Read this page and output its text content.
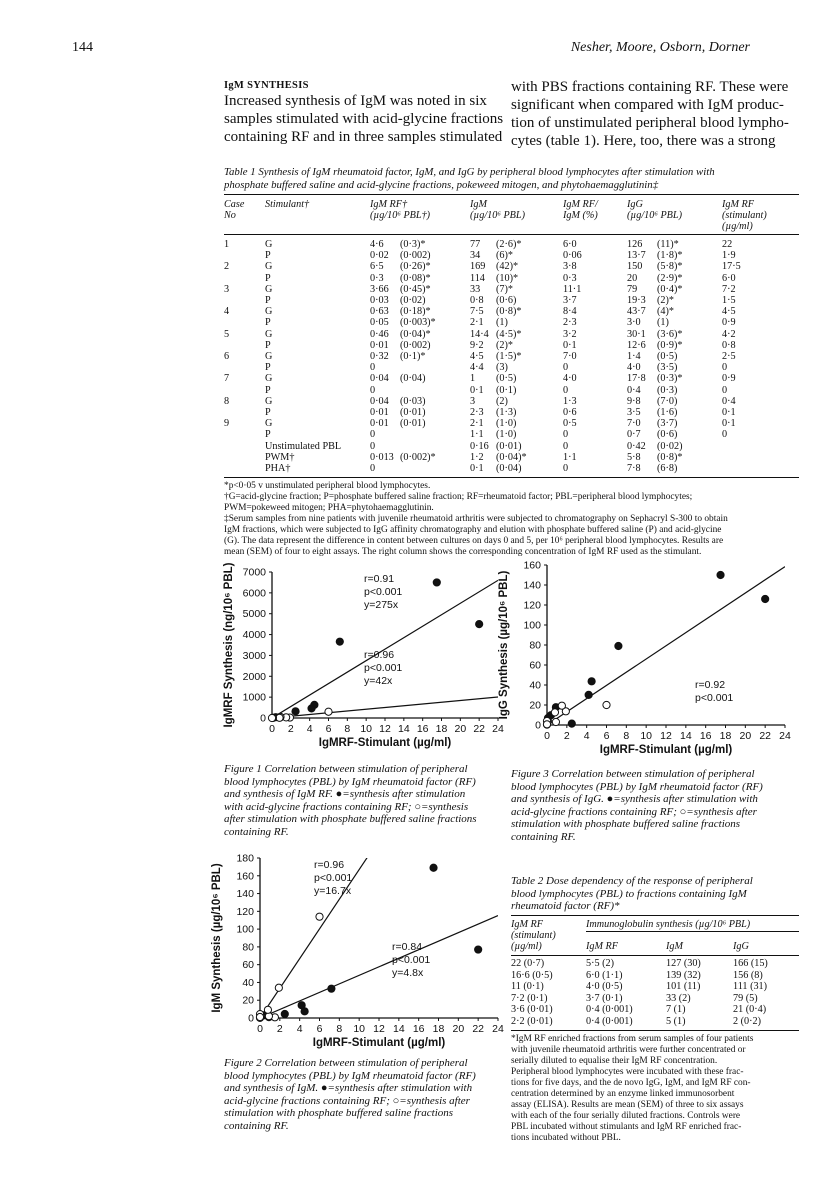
144	Nesher, Moore, Osborn, Dorner
IgM SYNTHESIS
Increased synthesis of IgM was noted in six
samples stimulated with acid-glycine fractions
containing RF and in three samples stimulated
with PBS fractions containing RF. These were
significant when compared with IgM produc-
tion of unstimulated peripheral blood lympho-
cytes (table 1). Here, too, there was a strong
Table 1 Synthesis of IgM rheumatoid factor, IgM, and IgG by peripheral blood lymphocytes after stimulation with
phosphate buffered saline and acid-glycine fractions, pokeweed mitogen, and phytohaemagglutinin‡
Case
No
Stimulant†	IgM RF†
(µg/10⁶ PBL†)
IgM
(µg/10⁶ PBL)
IgM RF/
IgM (%)
IgG
(µg/10⁶ PBL)
IgM RF
(stimulant)
(µg/ml)
1	G	4·6	(0·3)*	77	(2·6)*	6·0	126	(11)*	22
	P	0·02	(0·002)	34	(6)*	0·06	13·7	(1·8)*	1·9
2	G	6·5	(0·26)*	169	(42)*	3·8	150	(5·8)*	17·5
	P	0·3	(0·08)*	114	(10)*	0·3	20	(2·9)*	6·0
3	G	3·66	(0·45)*	33	(7)*	11·1	79	(0·4)*	7·2
	P	0·03	(0·02)	0·8	(0·6)	3·7	19·3	(2)*	1·5
4	G	0·63	(0·18)*	7·5	(0·8)*	8·4	43·7	(4)*	4·5
	P	0·05	(0·003)*	2·1	(1)	2·3	3·0	(1)	0·9
5	G	0·46	(0·04)*	14·4	(4·5)*	3·2	30·1	(3·6)*	4·2
	P	0·01	(0·002)	9·2	(2)*	0·1	12·6	(0·9)*	0·8
6	G	0·32	(0·1)*	4·5	(1·5)*	7·0	1·4	(0·5)	2·5
	P	0		4·4	(3)	0	4·0	(3·5)	0
7	G	0·04	(0·04)	1	(0·5)	4·0	17·8	(0·3)*	0·9
	P	0		0·1	(0·1)	0	0·4	(0·3)	0
8	G	0·04	(0·03)	3	(2)	1·3	9·8	(7·0)	0·4
	P	0·01	(0·01)	2·3	(1·3)	0·6	3·5	(1·6)	0·1
9	G	0·01	(0·01)	2·1	(1·0)	0·5	7·0	(3·7)	0·1
	P	0		1·1	(1·0)	0	0·7	(0·6)	0
	Unstimulated PBL	0		0·16	(0·01)	0	0·42	(0·02)	
	PWM†	0·013	(0·002)*	1·2	(0·04)*	1·1	5·8	(0·8)*	
	PHA†	0		0·1	(0·04)	0	7·8	(6·8)	
*p<0·05 v unstimulated peripheral blood lymphocytes.
†G=acid-glycine fraction; P=phosphate buffered saline fraction; RF=rheumatoid factor; PBL=peripheral blood lymphocytes;
PWM=pokeweed mitogen; PHA=phytohaemagglutinin.
‡Serum samples from nine patients with juvenile rheumatoid arthritis were subjected to chromatography on Sephacryl S-300 to obtain
IgM fractions, which were subjected to IgG affinity chromatography and elution with phosphate buffered saline (P) and acid-glycine
(G). The data represent the difference in content between cultures on days 0 and 5, per 10⁶ peripheral blood lymphocytes. Results are
mean (SEM) of four to eight assays. The right column shows the corresponding concentration of IgM RF used as the stimulant.
0 2 4 6 8 10 12 14 16 18 20 22 24
0
1000
2000
3000
4000
5000
6000
7000
IgMRF-Stimulant (µg/ml)
IgMRF Synthesis (ng/10⁶ PBL)	r=0.91
p<0.001
y=275x
r=0.96
p<0.001
y=42x
Figure 1 Correlation between stimulation of peripheral
blood lymphocytes (PBL) by IgM rheumatoid factor (RF)
and synthesis of IgM RF. ●=synthesis after stimulation
with acid-glycine fractions containing RF; ○=synthesis
after stimulation with phosphate buffered saline fractions
containing RF.
0 2 4 6 8 10 12 14 16 18 20 22 24
0
20
40
60
80
100
120
140
160
IgMRF-Stimulant (µg/ml)
IgG Synthesis (µg/10⁶ PBL)	r=0.92
p<0.001
Figure 3 Correlation between stimulation of peripheral
blood lymphocytes (PBL) by IgM rheumatoid factor (RF)
and synthesis of IgG. ●=synthesis after stimulation with
acid-glycine fractions containing RF; ○=synthesis after
stimulation with phosphate buffered saline fractions
containing RF.
0 2 4 6 8 10 12 14 16 18 20 22 24
0
20
40
60
80
100
120
140
160
180
IgMRF-Stimulant (µg/ml)
IgM Synthesis (µg/10⁶ PBL)	r=0.96
p<0.001
y=16.7x
r=0.84
p<0.001
y=4.8x
Figure 2 Correlation between stimulation of peripheral
blood lymphocytes (PBL) by IgM rheumatoid factor (RF)
and synthesis of IgM. ●=synthesis after stimulation with
acid-glycine fractions containing RF; ○=synthesis after
stimulation with phosphate buffered saline fractions
containing RF.
Table 2 Dose dependency of the response of peripheral
blood lymphocytes (PBL) to fractions containing IgM
rheumatoid factor (RF)*
IgM RF
(stimulant)
(µg/ml)
Immunoglobulin synthesis (µg/10⁶ PBL)
IgM RF	IgM	IgG
22 (0·7)	5·5 (2)	127 (30)	166 (15)
16·6 (0·5)	6·0 (1·1)	139 (32)	156 (8)
11 (0·1)	4·0 (0·5)	101 (11)	111 (31)
7·2 (0·1)	3·7 (0·1)	33 (2)	79 (5)
3·6 (0·01)	0·4 (0·001)	7 (1)	21 (0·4)
2·2 (0·01)	0·4 (0·001)	5 (1)	2 (0·2)
*IgM RF enriched fractions from serum samples of four patients
with juvenile rheumatoid arthritis were further concentrated or
serially diluted to equalise their IgM RF concentration.
Peripheral blood lymphocytes were incubated with these frac-
tions for five days, and the de novo IgG, IgM, and IgM RF con-
centration determined by an enzyme linked immunosorbent
assay (ELISA). Results are mean (SEM) of three to six assays
with each of the four serially diluted fractions. Controls were
PBL incubated without stimulants and IgM RF enriched frac-
tions incubated without PBL.
